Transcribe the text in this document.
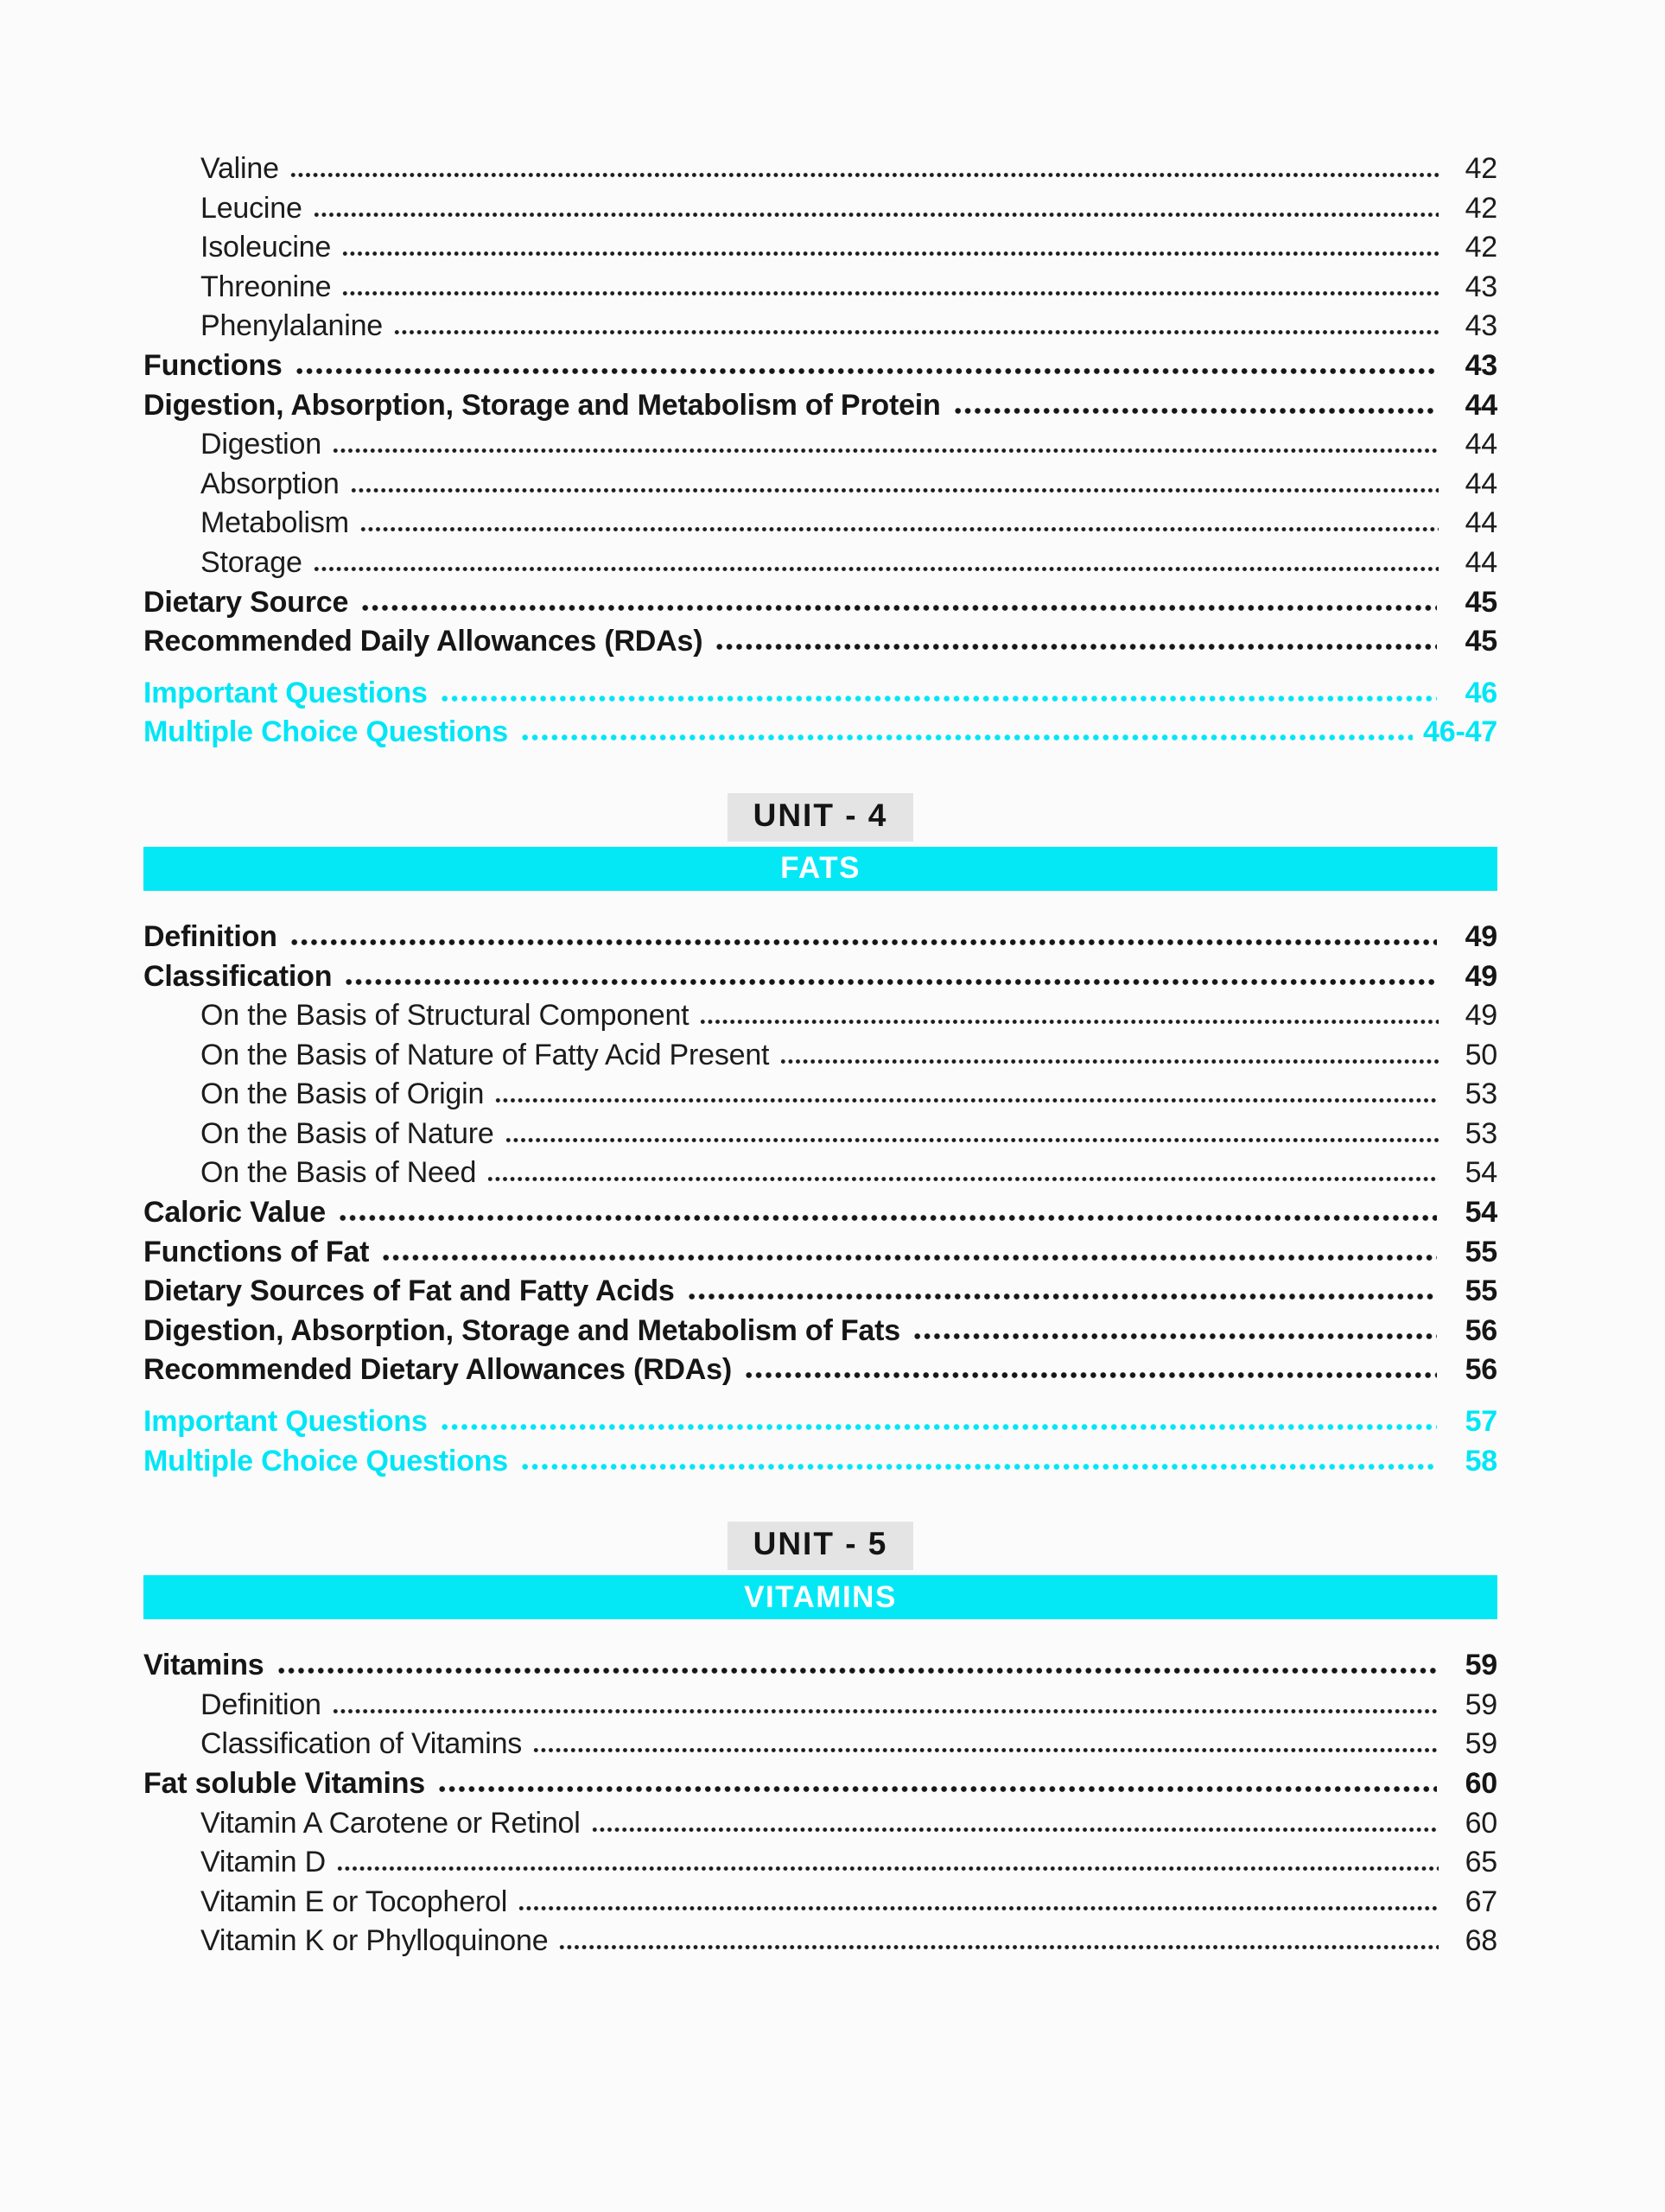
Valine	42
Leucine	42
Isoleucine	42
Threonine	43
Phenylalanine	43
Functions	43
Digestion, Absorption, Storage and Metabolism of Protein	44
Digestion	44
Absorption	44
Metabolism	44
Storage	44
Dietary Source	45
Recommended Daily Allowances (RDAs)	45
Important Questions	46
Multiple Choice Questions	46-47
UNIT - 4
FATS
Definition	49
Classification	49
On the Basis of Structural Component	49
On the Basis of Nature of Fatty Acid Present	50
On the Basis of Origin	53
On the Basis of Nature	53
On the Basis of Need	54
Caloric Value	54
Functions of Fat	55
Dietary Sources of Fat and Fatty Acids	55
Digestion, Absorption, Storage and Metabolism of Fats	56
Recommended Dietary Allowances (RDAs)	56
Important Questions	57
Multiple Choice Questions	58
UNIT - 5
VITAMINS
Vitamins	59
Definition	59
Classification of Vitamins	59
Fat soluble Vitamins	60
Vitamin A Carotene or Retinol	60
Vitamin D	65
Vitamin E or Tocopherol	67
Vitamin K or Phylloquinone	68
